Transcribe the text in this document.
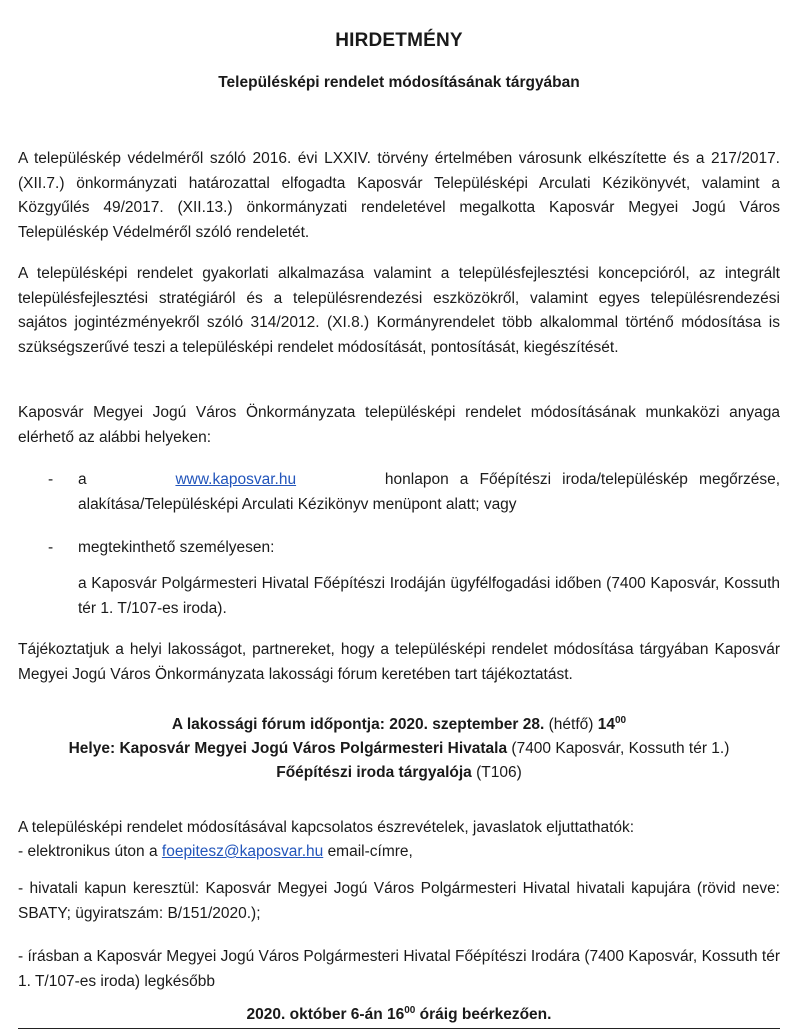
HIRDETMÉNY
Településképi rendelet módosításának tárgyában
A településkép védelméről szóló 2016. évi LXXIV. törvény értelmében városunk elkészítette és a 217/2017. (XII.7.) önkormányzati határozattal elfogadta Kaposvár Településképi Arculati Kézikönyvét, valamint a Közgyűlés 49/2017. (XII.13.) önkormányzati rendeletével megalkotta Kaposvár Megyei Jogú Város Településkép Védelméről szóló rendeletét.
A településképi rendelet gyakorlati alkalmazása valamint a településfejlesztési koncepcióról, az integrált településfejlesztési stratégiáról és a településrendezési eszközökről, valamint egyes településrendezési sajátos jogintézményekről szóló 314/2012. (XI.8.) Kormányrendelet több alkalommal történő módosítása is szükségszerűvé teszi a településképi rendelet módosítását, pontosítását, kiegészítését.
Kaposvár Megyei Jogú Város Önkormányzata településképi rendelet módosításának munkaközi anyaga elérhető az alábbi helyeken:
- a	www.kaposvar.hu	honlapon a Főépítészi iroda/településkép megőrzése, alakítása/Településképi Arculati Kézikönyv menüpont alatt; vagy
- megtekinthető személyesen:
a Kaposvár Polgármesteri Hivatal Főépítészi Irodáján ügyfélfogadási időben (7400 Kaposvár, Kossuth tér 1. T/107-es iroda).
Tájékoztatjuk a helyi lakosságot, partnereket, hogy a településképi rendelet módosítása tárgyában Kaposvár Megyei Jogú Város Önkormányzata lakossági fórum keretében tart tájékoztatást.
A lakossági fórum időpontja: 2020. szeptember 28. (hétfő) $14^{00}$
Helye: Kaposvár Megyei Jogú Város Polgármesteri Hivatala (7400 Kaposvár, Kossuth tér 1.)
Főépítészi iroda tárgyalója (T106)
A településképi rendelet módosításával kapcsolatos észrevételek, javaslatok eljuttathatók:
- elektronikus úton a foepitesz@kaposvar.hu email-címre,
- hivatali kapun keresztül: Kaposvár Megyei Jogú Város Polgármesteri Hivatal hivatali kapujára (rövid neve: SBATY; ügyiratszám: B/151/2020.);
- írásban a Kaposvár Megyei Jogú Város Polgármesteri Hivatal Főépítészi Irodára (7400 Kaposvár, Kossuth tér 1. T/107-es iroda) legkésőbb
2020. október 6-án $16^{00}$ óráig beérkezően.
